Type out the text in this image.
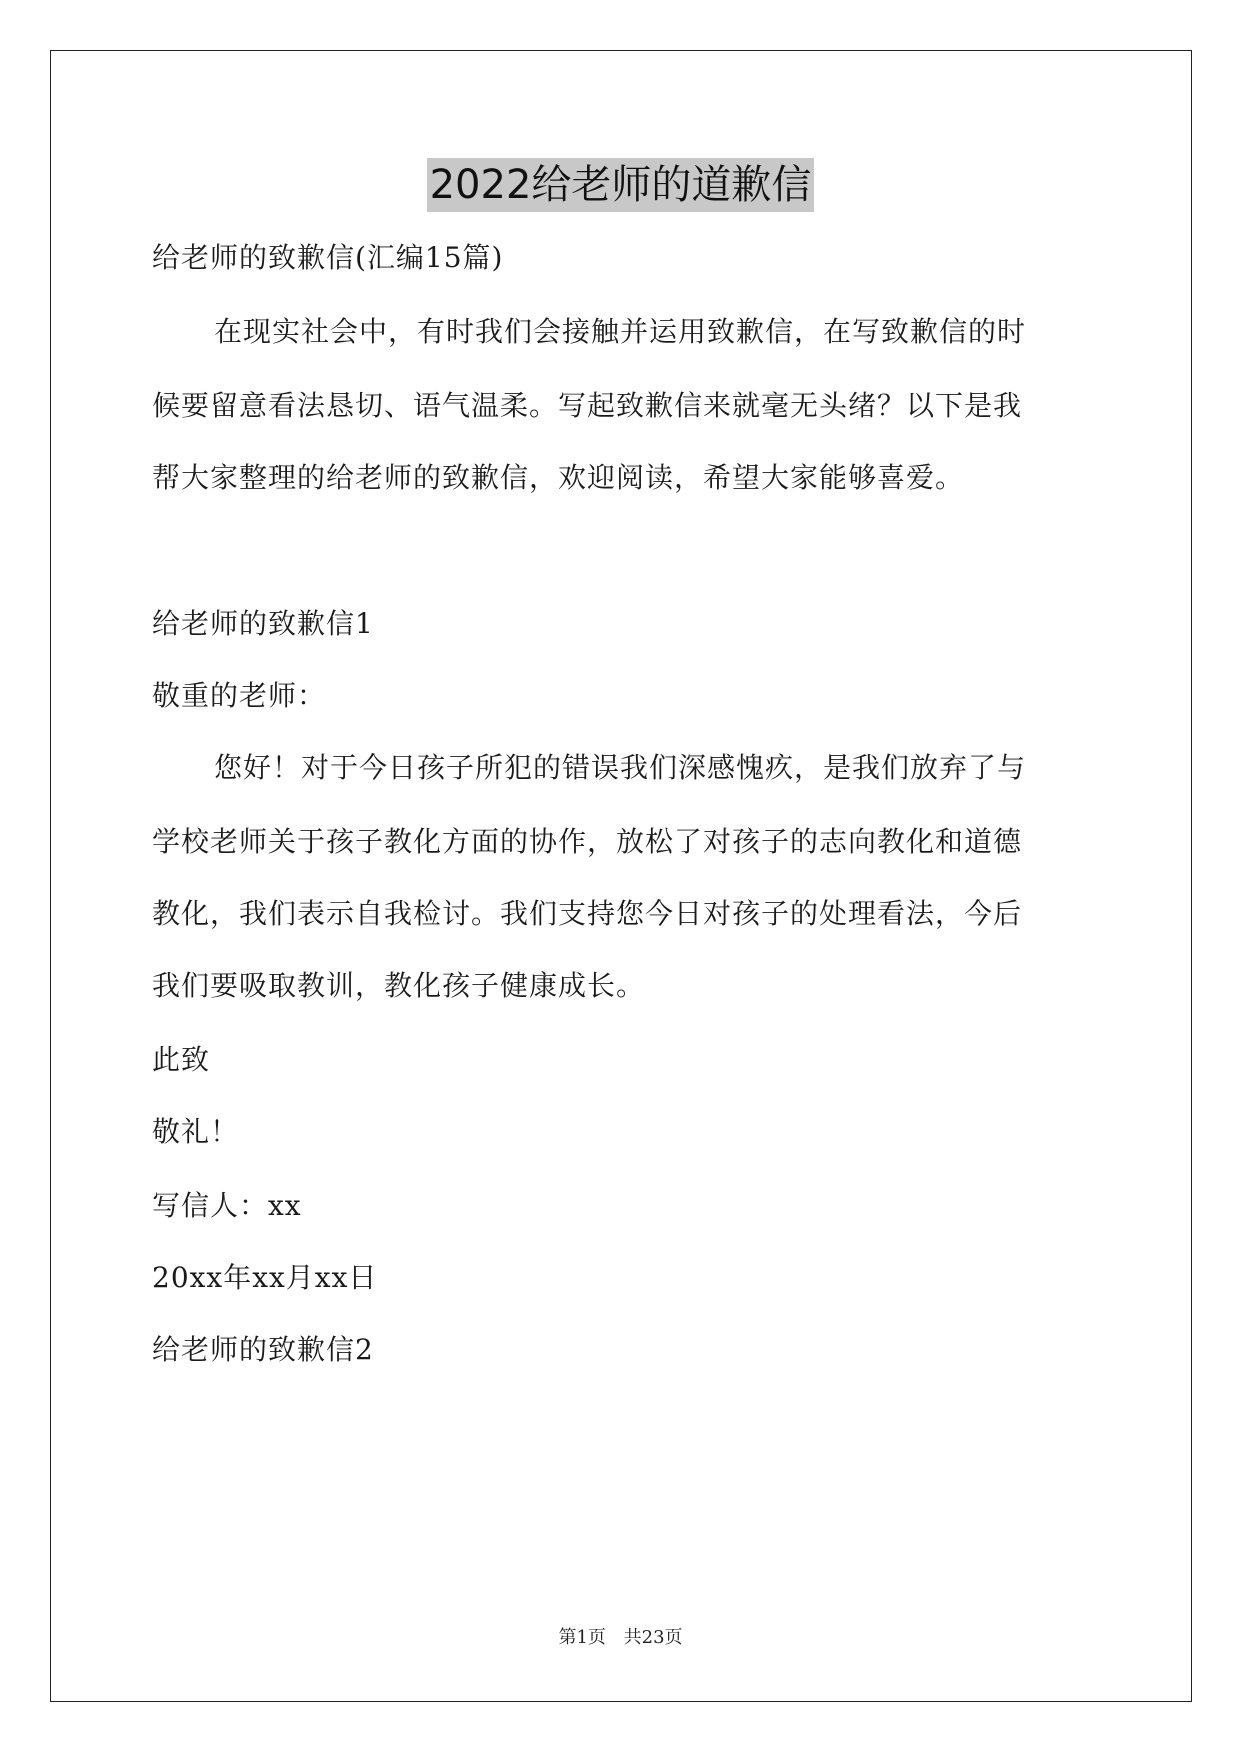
2022给老师的道歉信
给老师的致歉信(汇编15篇)
在现实社会中，有时我们会接触并运用致歉信，在写致歉信的时
候要留意看法恳切、语气温柔。写起致歉信来就毫无头绪？以下是我
帮大家整理的给老师的致歉信，欢迎阅读，希望大家能够喜爱。
给老师的致歉信1
敬重的老师：
您好！对于今日孩子所犯的错误我们深感愧疚，是我们放弃了与
学校老师关于孩子教化方面的协作，放松了对孩子的志向教化和道德
教化，我们表示自我检讨。我们支持您今日对孩子的处理看法，今后
我们要吸取教训，教化孩子健康成长。
此致
敬礼！
写信人：xx
20xx年xx月xx日
给老师的致歉信2
第1页 共23页
